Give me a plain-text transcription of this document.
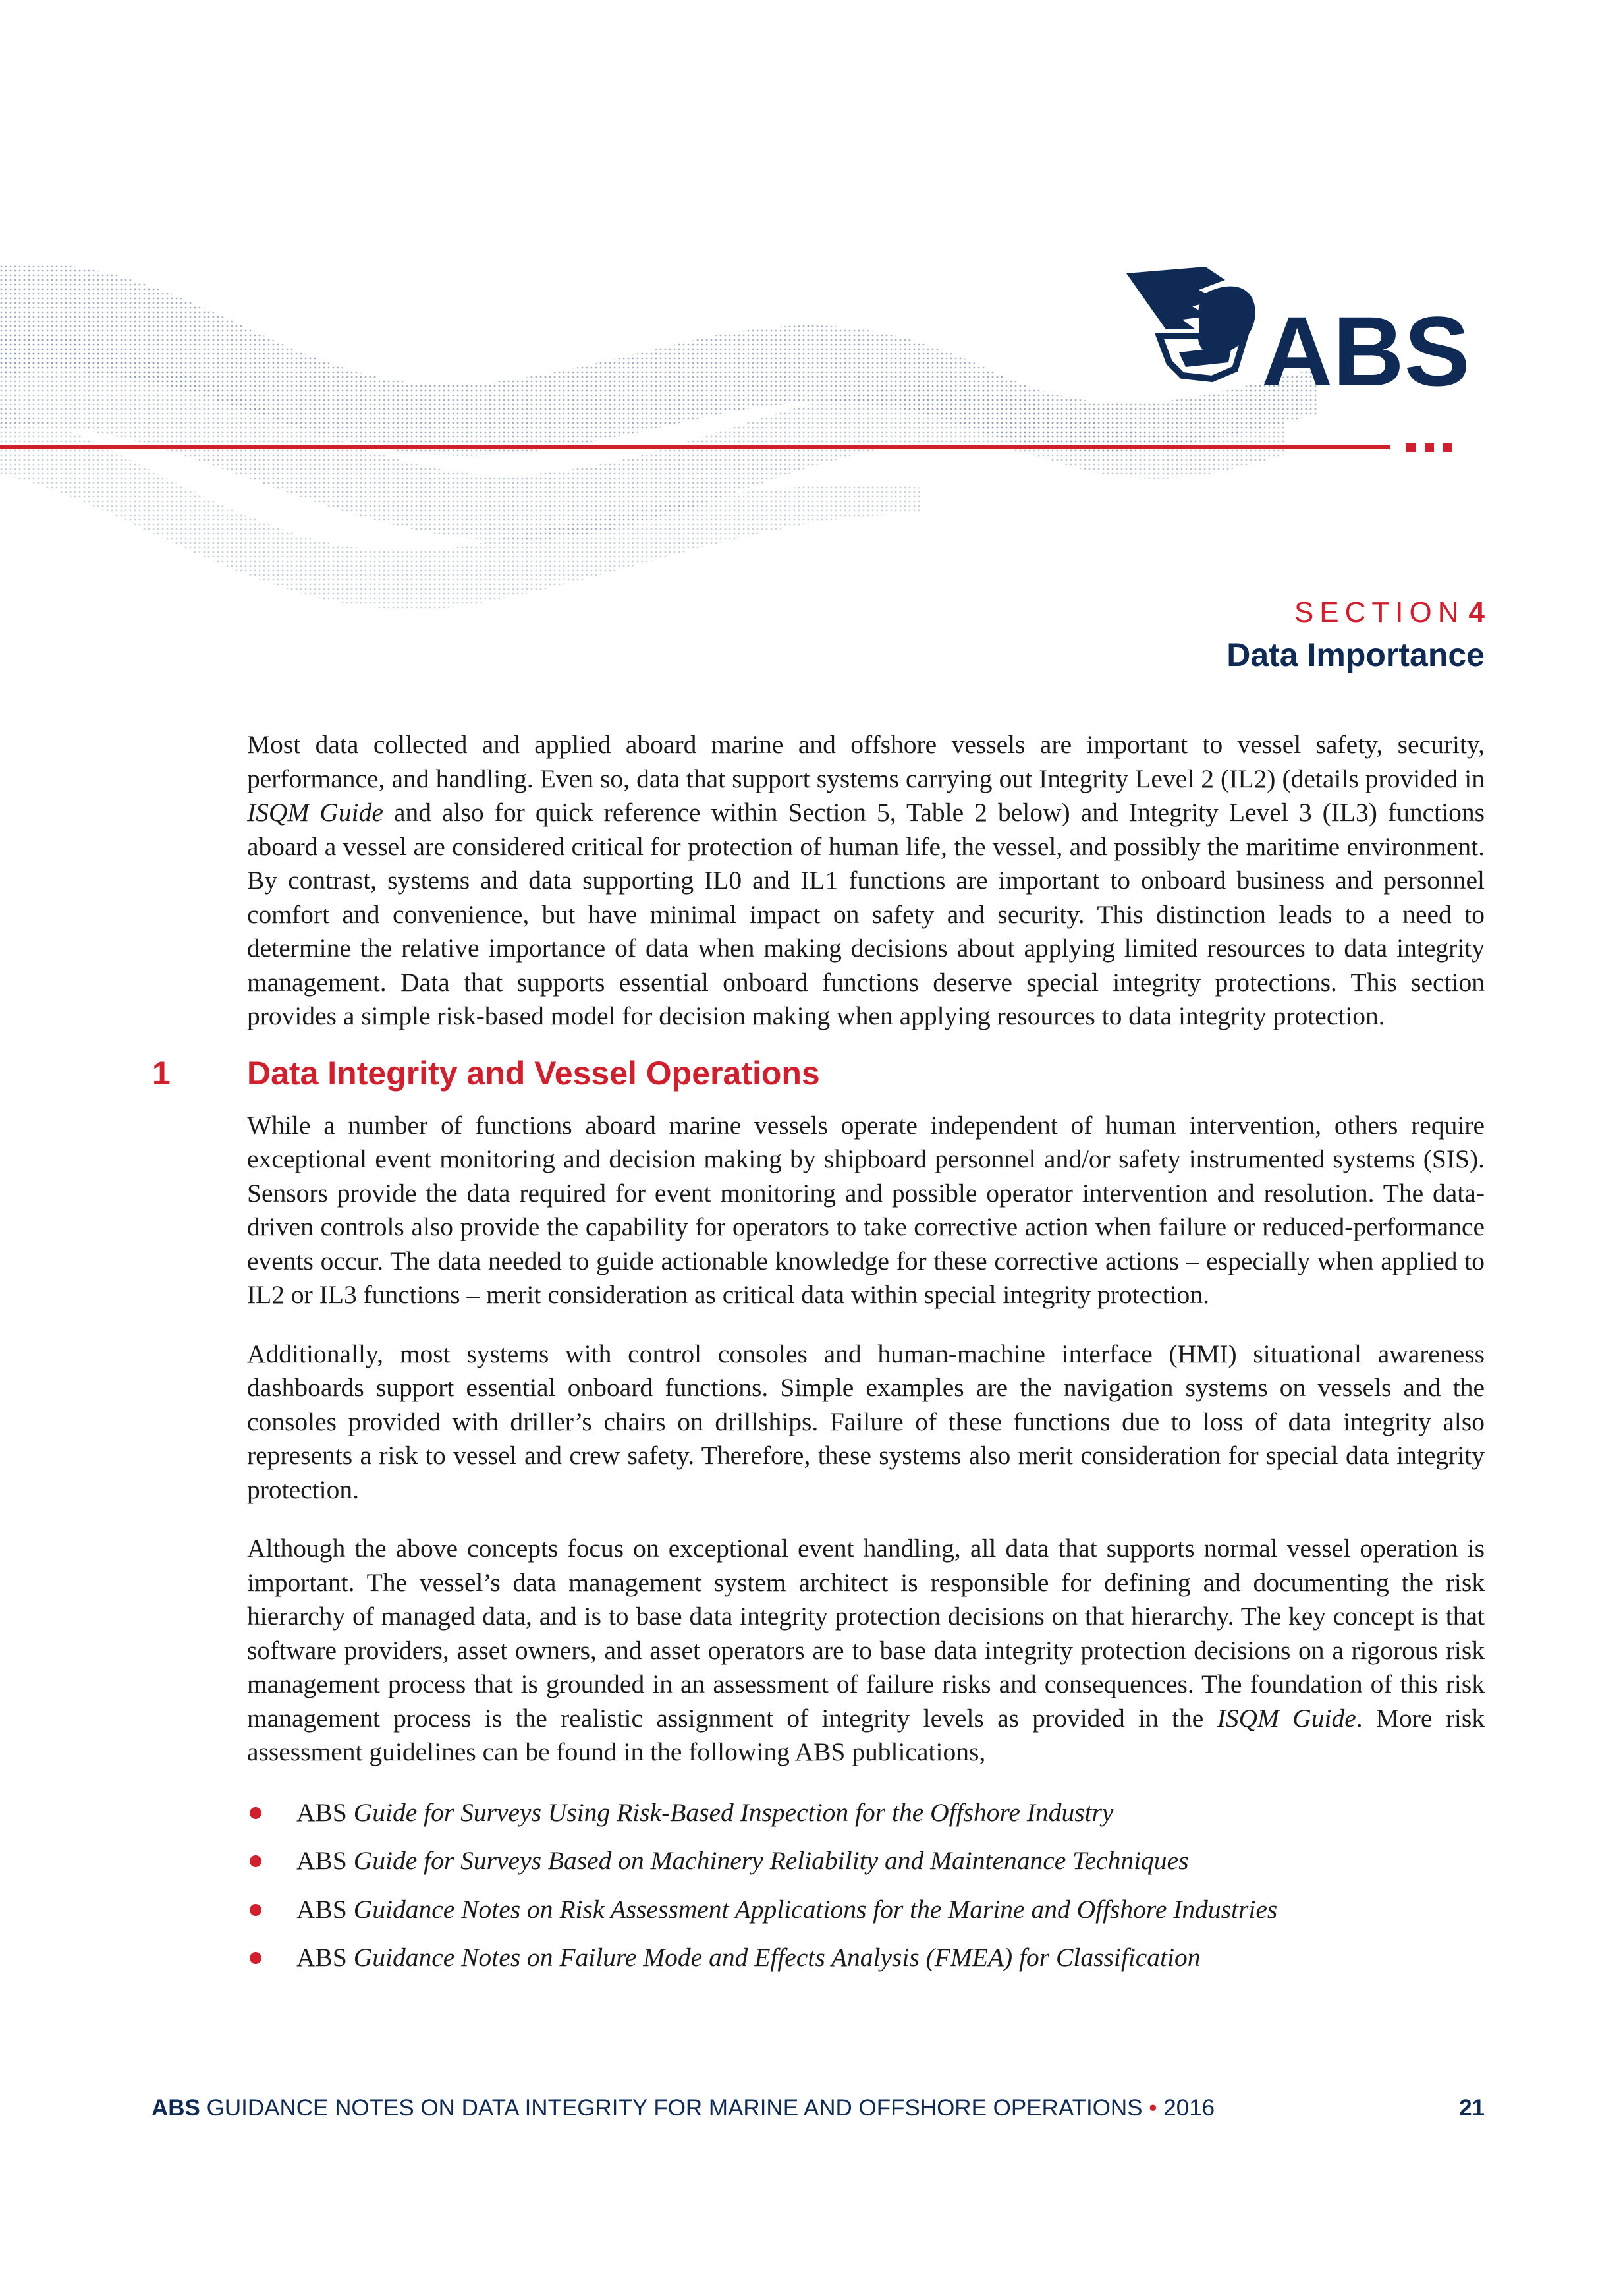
ABS
SECTION 4
Data Importance

Most data collected and applied aboard marine and offshore vessels are important to vessel safety, security, performance, and handling. Even so, data that support systems carrying out Integrity Level 2 (IL2) (details provided in ISQM Guide and also for quick reference within Section 5, Table 2 below) and Integrity Level 3 (IL3) functions aboard a vessel are considered critical for protection of human life, the vessel, and possibly the maritime environment. By contrast, systems and data supporting IL0 and IL1 functions are important to onboard business and personnel comfort and convenience, but have minimal impact on safety and security. This distinction leads to a need to determine the relative importance of data when making decisions about applying limited resources to data integrity management. Data that supports essential onboard functions deserve special integrity protections. This section provides a simple risk-based model for decision making when applying resources to data integrity protection.

1 Data Integrity and Vessel Operations

While a number of functions aboard marine vessels operate independent of human intervention, others require exceptional event monitoring and decision making by shipboard personnel and/or safety instrumented systems (SIS). Sensors provide the data required for event monitoring and possible operator intervention and resolution. The data-driven controls also provide the capability for operators to take corrective action when failure or reduced-performance events occur. The data needed to guide actionable knowledge for these corrective actions – especially when applied to IL2 or IL3 functions – merit consideration as critical data within special integrity protection.

Additionally, most systems with control consoles and human-machine interface (HMI) situational awareness dashboards support essential onboard functions. Simple examples are the navigation systems on vessels and the consoles provided with driller’s chairs on drillships. Failure of these functions due to loss of data integrity also represents a risk to vessel and crew safety. Therefore, these systems also merit consideration for special data integrity protection.

Although the above concepts focus on exceptional event handling, all data that supports normal vessel operation is important. The vessel’s data management system architect is responsible for defining and documenting the risk hierarchy of managed data, and is to base data integrity protection decisions on that hierarchy. The key concept is that software providers, asset owners, and asset operators are to base data integrity protection decisions on a rigorous risk management process that is grounded in an assessment of failure risks and consequences. The foundation of this risk management process is the realistic assignment of integrity levels as provided in the ISQM Guide. More risk assessment guidelines can be found in the following ABS publications,

ABS Guide for Surveys Using Risk-Based Inspection for the Offshore Industry
ABS Guide for Surveys Based on Machinery Reliability and Maintenance Techniques
ABS Guidance Notes on Risk Assessment Applications for the Marine and Offshore Industries
ABS Guidance Notes on Failure Mode and Effects Analysis (FMEA) for Classification
ABS GUIDANCE NOTES ON DATA INTEGRITY FOR MARINE AND OFFSHORE OPERATIONS • 2016	21
